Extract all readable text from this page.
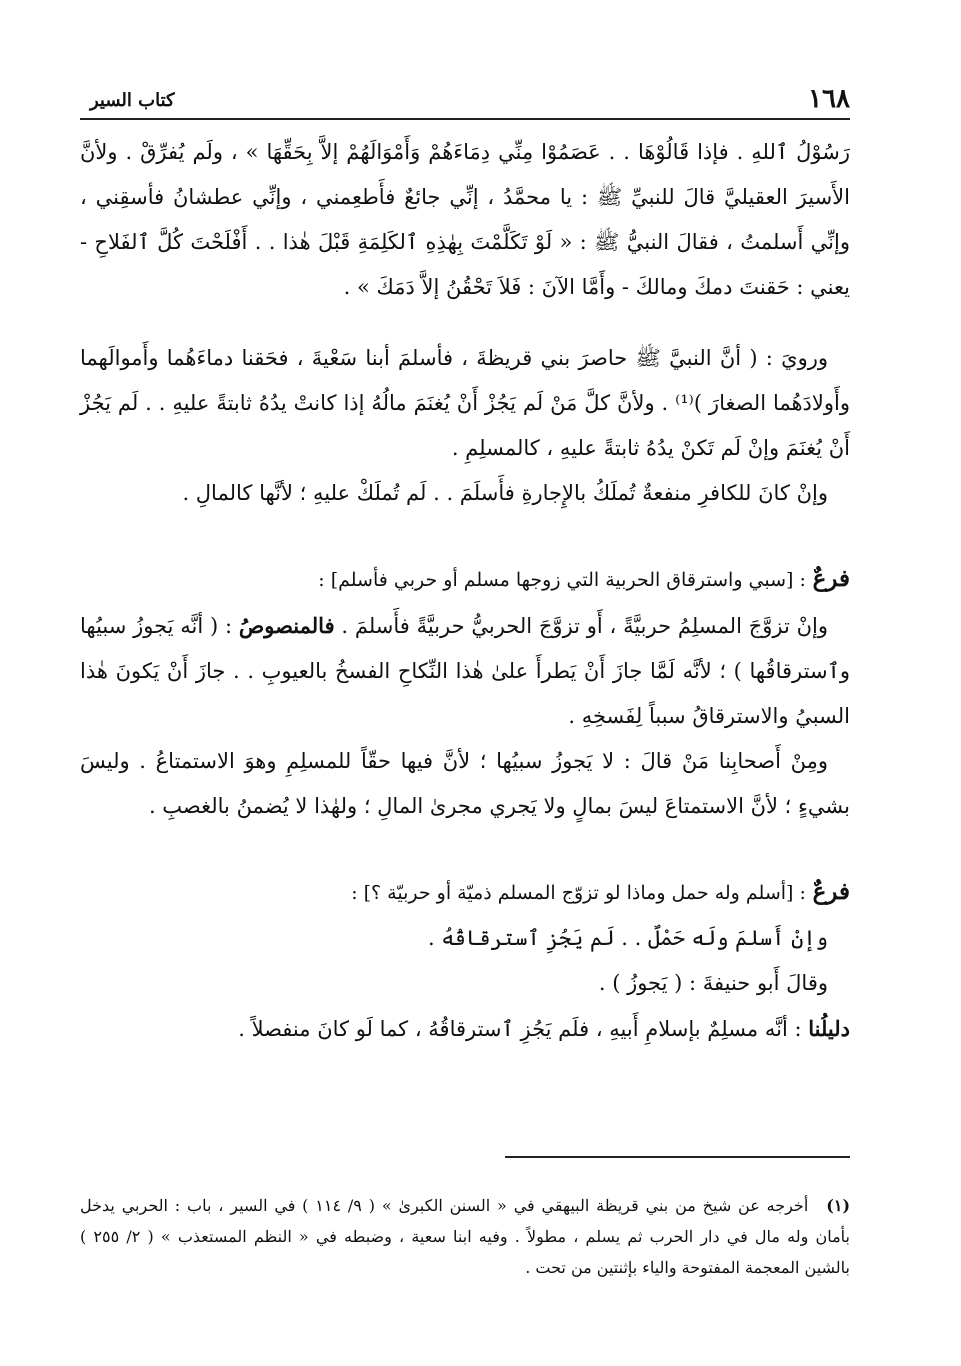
١٦٨
كتاب السير

رَسُوْلُ ٱللهِ . فإذا قَالُوْهَا . . عَصَمُوْا مِنِّي دِمَاءَهُمْ وَأَمْوَالَهُمْ إلاَّ بِحَقِّهَا » ، ولَم يُفرِّقْ . ولأنَّ الأَسيرَ العقيليَّ قالَ للنبيِّ ﷺ : يا محمَّدُ ، إنِّي جائعٌ فأَطعِمني ، وإنِّي عطشانُ فأسقِني ، وإنِّي أَسلمتُ ، فقالَ النبيُّ ﷺ : « لَوْ تَكَلَّمْتَ بِهٰذِهِ ٱلكَلِمَةِ قَبْلَ هٰذا . . أَفْلَحْتَ كُلَّ ٱلفَلاحِ - يعني : حَقنتَ دمكَ ومالكَ - وأَمَّا الآنَ : فَلاَ تَحْقُنُ إلاَّ دَمَكَ » .

ورويَ : ( أنَّ النبيَّ ﷺ حاصرَ بني قريظةَ ، فأسلمَ أبنا سَعْيةَ ، فحَقنا دماءَهُما وأَموالَهما وأَولادَهُما الصغارَ )⁽¹⁾ . ولأنَّ كلَّ مَنْ لَم يَجُزْ أَنْ يُغنَمَ مالُهُ إذا كانتْ يدُهُ ثابتةً عليهِ . . لَم يَجُزْ أَنْ يُغنَمَ وإنْ لَم تَكنْ يدُهُ ثابتةً عليهِ ، كالمسلِمِ .

وإنْ كانَ للكافرِ منفعةٌ تُملَكُ بالإِجارةِ فأَسلَمَ . . لَم تُملَكْ عليهِ ؛ لأنَّها كالمالِ .

فرعٌ : [سبي واسترقاق الحربية التي زوجها مسلم أو حربي فأسلم] :

وإنْ تزوَّجَ المسلِمُ حربيَّةً ، أَو تزوَّجَ الحربيُّ حربيَّةً فأَسلمَ . فالمنصوصُ : ( أنَّه يَجوزُ سبيُها وٱسترقاقُها ) ؛ لأنَّه لَمَّا جازَ أَنْ يَطرأَ علىٰ هٰذا النِّكاحِ الفسخُ بالعيوبِ . . جازَ أَنْ يَكونَ هٰذا السبيُ والاسترقاقُ سبباً لِفَسخِهِ .

ومِنْ أَصحابِنا مَنْ قالَ : لا يَجوزُ سبيُها ؛ لأنَّ فيها حقّاً للمسلِمِ وهوَ الاستمتاعُ . وليسَ بشيءٍ ؛ لأنَّ الاستمتاعَ ليسَ بمالٍ ولا يَجري مجرىٰ المالِ ؛ ولهٰذا لا يُضمنُ بالغصبِ .

فرعٌ : [أسلم وله حمل وماذا لو تزوّج المسلم ذميّة أو حربيّة ؟] :

وإنْ أَسلمَ ولَه حَمْلٌ . . لَم يَجُزِ ٱسترقاقُهُ .

وقالَ أَبو حنيفةَ : ( يَجوزُ ) .

دليلُنا : أنَّه مسلِمٌ بإسلامِ أَبيهِ ، فلَم يَجُزِ ٱسترقاقُهُ ، كما لَو كانَ منفصلاً .

(١)أخرجه عن شيخ من بني قريظة البيهقي في « السنن الكبرىٰ » ( ٩/ ١١٤ ) في السير ، باب : الحربي يدخل بأمان وله مال في دار الحرب ثم يسلم ، مطولاً . وفيه ابنا سعية ، وضبطه في « النظم المستعذب » ( ٢/ ٢٥٥ ) بالشين المعجمة المفتوحة والياء بإثنتين من تحت .
